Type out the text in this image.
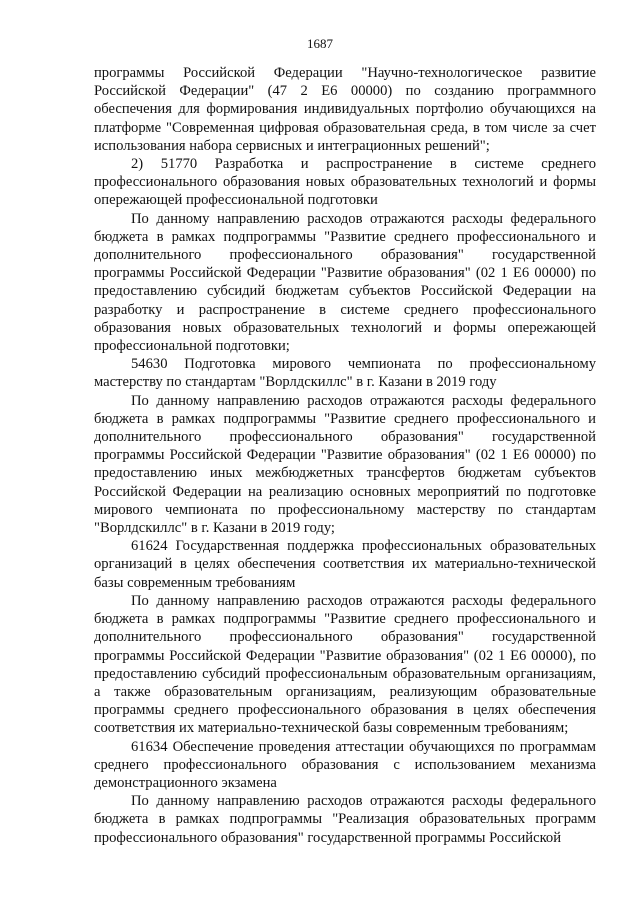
1687

программы Российской Федерации "Научно-технологическое развитие Российской Федерации" (47 2 Е6 00000) по созданию программного обеспечения для формирования индивидуальных портфолио обучающихся на платформе "Современная цифровая образовательная среда, в том числе за счет использования набора сервисных и интеграционных решений";

2) 51770 Разработка и распространение в системе среднего профессионального образования новых образовательных технологий и формы опережающей профессиональной подготовки

По данному направлению расходов отражаются расходы федерального бюджета в рамках подпрограммы "Развитие среднего профессионального и дополнительного профессионального образования" государственной программы Российской Федерации "Развитие образования" (02 1 Е6 00000) по предоставлению субсидий бюджетам субъектов Российской Федерации на разработку и распространение в системе среднего профессионального образования новых образовательных технологий и формы опережающей профессиональной подготовки;

54630 Подготовка мирового чемпионата по профессиональному мастерству по стандартам "Ворлдскиллс" в г. Казани в 2019 году

По данному направлению расходов отражаются расходы федерального бюджета в рамках подпрограммы "Развитие среднего профессионального и дополнительного профессионального образования" государственной программы Российской Федерации "Развитие образования" (02 1 Е6 00000) по предоставлению иных межбюджетных трансфертов бюджетам субъектов Российской Федерации на реализацию основных мероприятий по подготовке мирового чемпионата по профессиональному мастерству по стандартам "Ворлдскиллс" в г. Казани в 2019 году;

61624 Государственная поддержка профессиональных образовательных организаций в целях обеспечения соответствия их материально-технической базы современным требованиям

По данному направлению расходов отражаются расходы федерального бюджета в рамках подпрограммы "Развитие среднего профессионального и дополнительного профессионального образования" государственной программы Российской Федерации "Развитие образования" (02 1 Е6 00000), по предоставлению субсидий профессиональным образовательным организациям, а также образовательным организациям, реализующим образовательные программы среднего профессионального образования в целях обеспечения соответствия их материально-технической базы современным требованиям;

61634 Обеспечение проведения аттестации обучающихся по программам среднего профессионального образования с использованием механизма демонстрационного экзамена

По данному направлению расходов отражаются расходы федерального бюджета в рамках подпрограммы "Реализация образовательных программ профессионального образования" государственной программы Российской
